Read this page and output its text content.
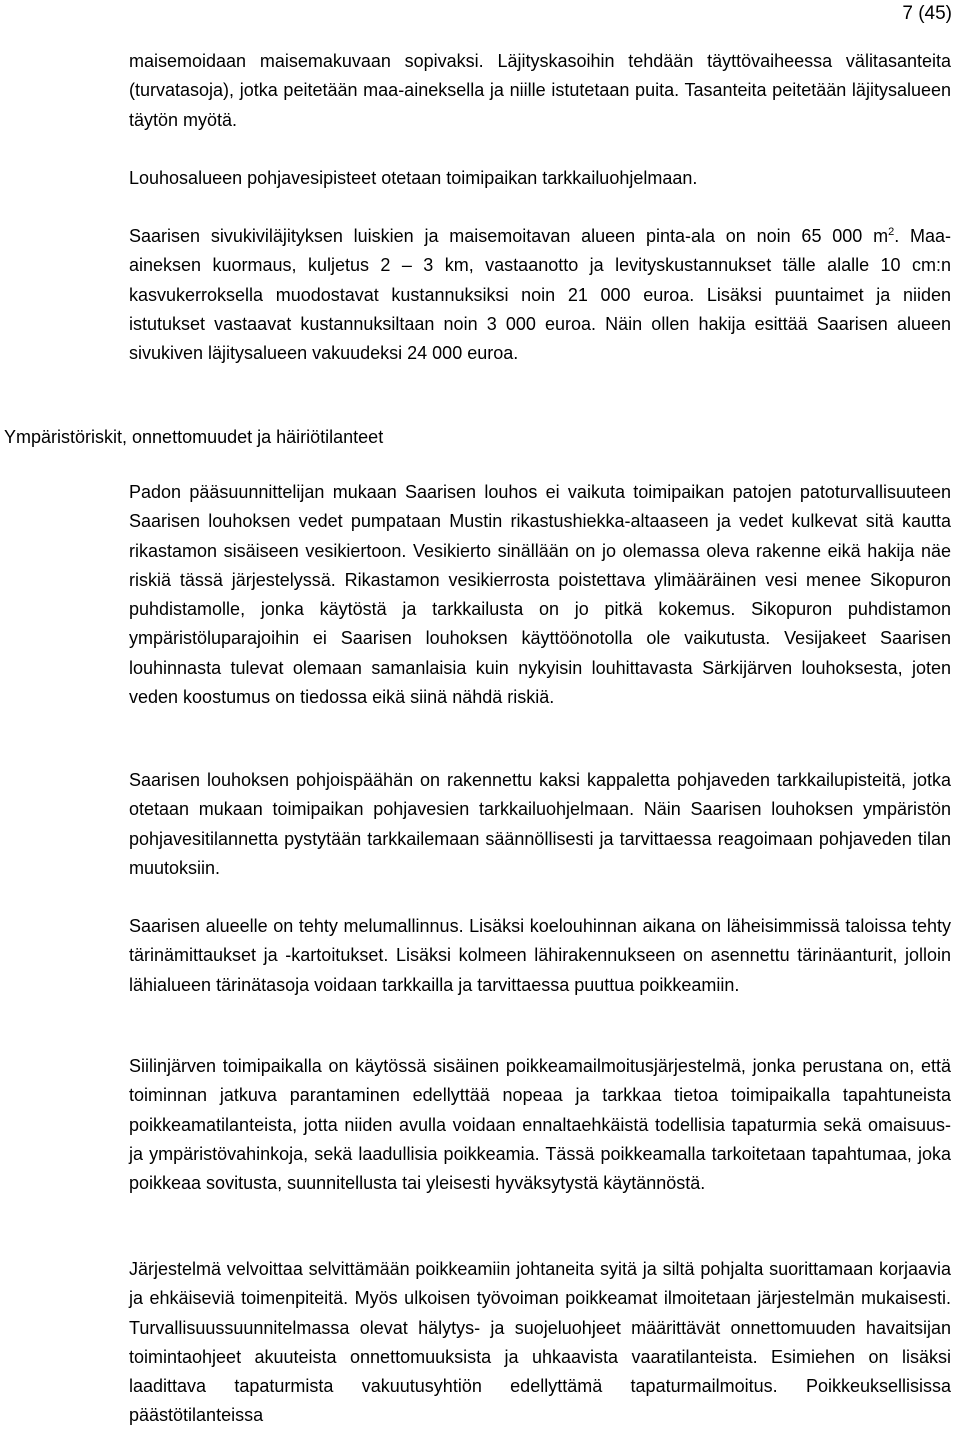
7 (45)

maisemoidaan maisemakuvaan sopivaksi. Läjityskasoihin tehdään täyttövaiheessa välitasanteita (turvatasoja), jotka peitetään maa-aineksella ja niille istutetaan puita. Tasanteita peitetään läjitysalueen täytön myötä.

Louhosalueen pohjavesipisteet otetaan toimipaikan tarkkailuohjelmaan.

Saarisen sivukiviläjityksen luiskien ja maisemoitavan alueen pinta-ala on noin 65 000 $m^2$. Maa-aineksen kuormaus, kuljetus 2 – 3 km, vastaanotto ja levityskustannukset tälle alalle 10 cm:n kasvukerroksella muodostavat kustannuksiksi noin 21 000 euroa. Lisäksi puuntaimet ja niiden istutukset vastaavat kustannuksiltaan noin 3 000 euroa. Näin ollen hakija esittää Saarisen alueen sivukiven läjitysalueen vakuudeksi 24 000 euroa.

Ympäristöriskit, onnettomuudet ja häiriötilanteet

Padon pääsuunnittelijan mukaan Saarisen louhos ei vaikuta toimipaikan patojen patoturvallisuuteen Saarisen louhoksen vedet pumpataan Mustin rikastushiekka-altaaseen ja vedet kulkevat sitä kautta rikastamon sisäiseen vesikiertoon. Vesikierto sinällään on jo olemassa oleva rakenne eikä hakija näe riskiä tässä järjestelyssä. Rikastamon vesikierrosta poistettava ylimääräinen vesi menee Sikopuron puhdistamolle, jonka käytöstä ja tarkkailusta on jo pitkä kokemus. Sikopuron puhdistamon ympäristöluparajoihin ei Saarisen louhoksen käyttöönotolla ole vaikutusta. Vesijakeet Saarisen louhinnasta tulevat olemaan samanlaisia kuin nykyisin louhittavasta Särkijärven louhoksesta, joten veden koostumus on tiedossa eikä siinä nähdä riskiä.

Saarisen louhoksen pohjoispäähän on rakennettu kaksi kappaletta pohjaveden tarkkailupisteitä, jotka otetaan mukaan toimipaikan pohjavesien tarkkailuohjelmaan. Näin Saarisen louhoksen ympäristön pohjavesitilannetta pystytään tarkkailemaan säännöllisesti ja tarvittaessa reagoimaan pohjaveden tilan muutoksiin.

Saarisen alueelle on tehty melumallinnus. Lisäksi koelouhinnan aikana on läheisimmissä taloissa tehty tärinämittaukset ja -kartoitukset. Lisäksi kolmeen lähirakennukseen on asennettu tärinäanturit, jolloin lähialueen tärinätasoja voidaan tarkkailla ja tarvittaessa puuttua poikkeamiin.

Siilinjärven toimipaikalla on käytössä sisäinen poikkeamailmoitusjärjestelmä, jonka perustana on, että toiminnan jatkuva parantaminen edellyttää nopeaa ja tarkkaa tietoa toimipaikalla tapahtuneista poikkeamatilanteista, jotta niiden avulla voidaan ennaltaehkäistä todellisia tapaturmia sekä omaisuus- ja ympäristövahinkoja, sekä laadullisia poikkeamia. Tässä poikkeamalla tarkoitetaan tapahtumaa, joka poikkeaa sovitusta, suunnitellusta tai yleisesti hyväksytystä käytännöstä.

Järjestelmä velvoittaa selvittämään poikkeamiin johtaneita syitä ja siltä pohjalta suorittamaan korjaavia ja ehkäiseviä toimenpiteitä. Myös ulkoisen työvoiman poikkeamat ilmoitetaan järjestelmän mukaisesti. Turvallisuussuunnitelmassa olevat hälytys- ja suojeluohjeet määrittävät onnettomuuden havaitsijan toimintaohjeet akuuteista onnettomuuksista ja uhkaavista vaaratilanteista. Esimiehen on lisäksi laadittava tapaturmista vakuutusyhtiön edellyttämä tapaturmailmoitus. Poikkeuksellisissa päästötilanteissa
